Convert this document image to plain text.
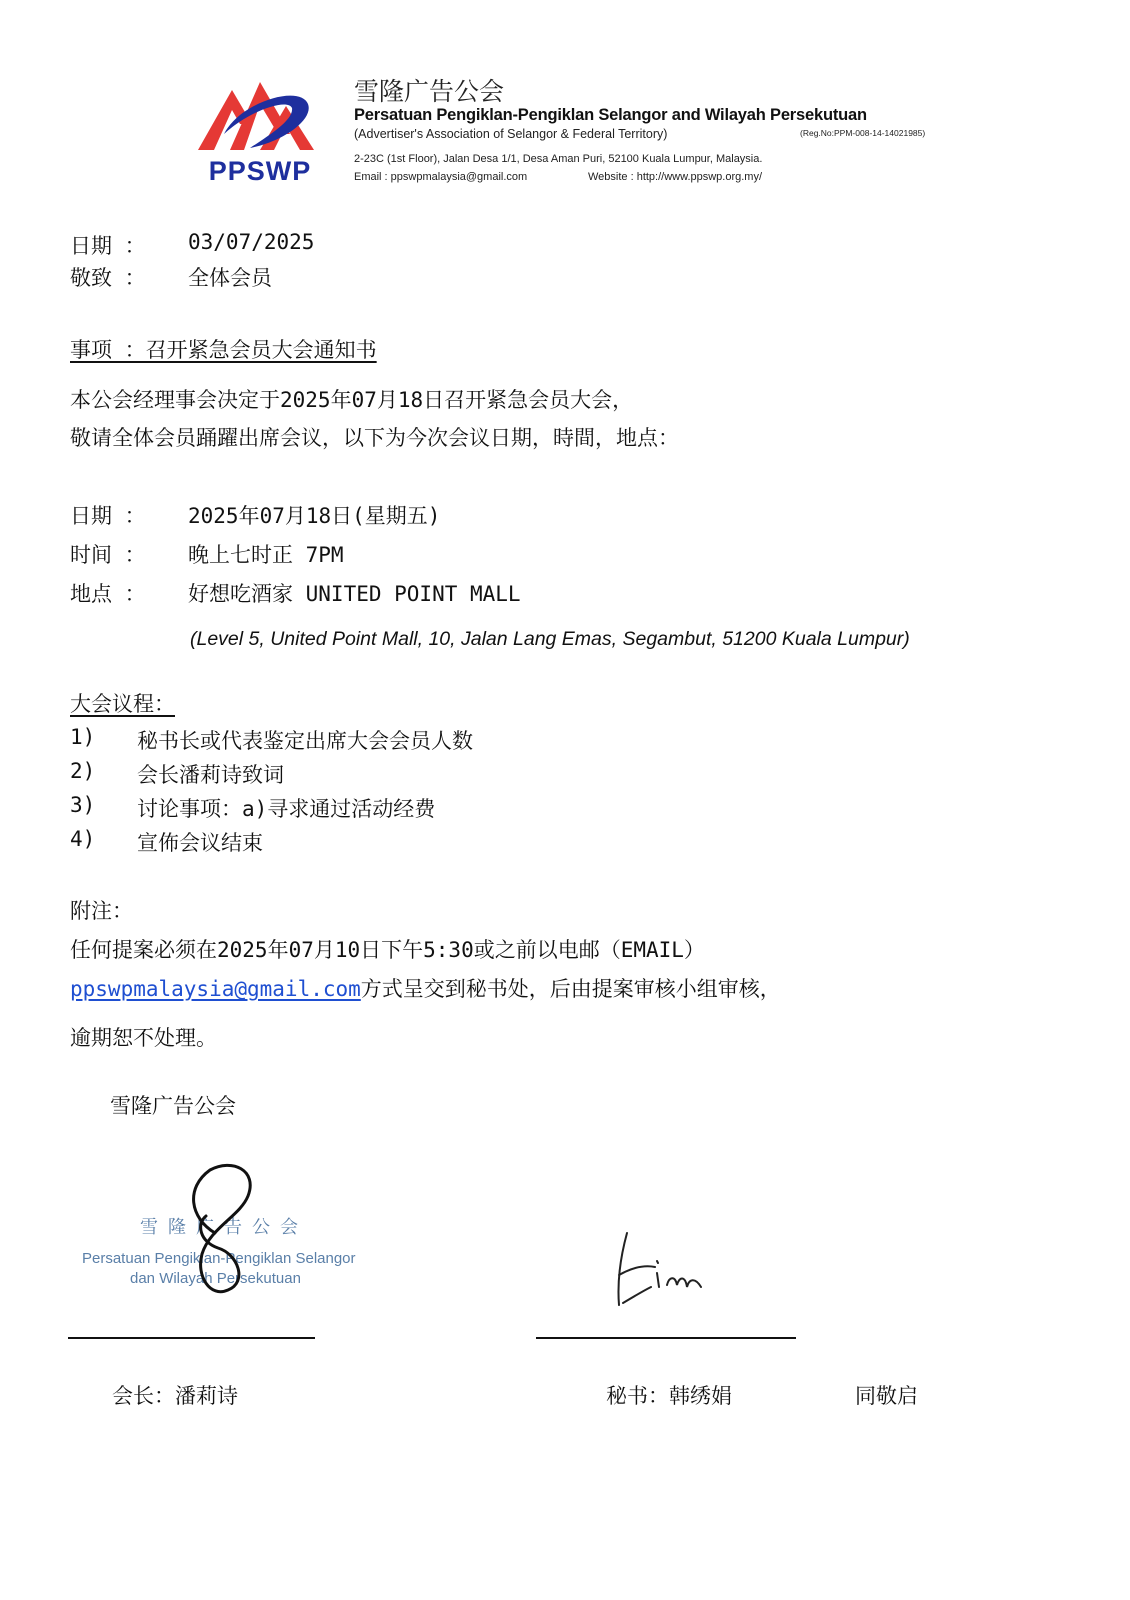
PPSWP
雪隆广告公会
Persatuan Pengiklan-Pengiklan Selangor and Wilayah Persekutuan
(Advertiser's Association of Selangor & Federal Territory)	(Reg.No:PPM-008-14-14021985)
2-23C (1st Floor), Jalan Desa 1/1, Desa Aman Puri, 52100 Kuala Lumpur, Malaysia.
Email : ppswpmalaysia@gmail.com	Website : http://www.ppswp.org.my/
日期 ： 03/07/2025
敬致 ： 全体会员
事项 ：召开紧急会员大会通知书
本公会经理事会决定于2025年07月18日召开紧急会员大会，
敬请全体会员踊躍出席会议，以下为今次会议日期，時間，地点：
日期 ： 2025年07月18日(星期五)
时间 ： 晚上七时正 7PM
地点 ： 好想吃酒家 UNITED POINT MALL
(Level 5, United Point Mall, 10, Jalan Lang Emas, Segambut, 51200 Kuala Lumpur)
大会议程：
1) 秘书长或代表鉴定出席大会会员人数
2) 会长潘莉诗致词
3) 讨论事项：a)寻求通过活动经费
4) 宣佈会议结束
附注：
任何提案必须在2025年07月10日下午5:30或之前以电邮（EMAIL）
ppswpmalaysia@gmail.com方式呈交到秘书处，后由提案审核小组审核，
逾期恕不处理。
雪隆广告公会
雪隆广告公会
Persatuan Pengiklan-Pengiklan Selangor
dan Wilayah Persekutuan
会长：潘莉诗	秘书：韩绣娟	同敬启
